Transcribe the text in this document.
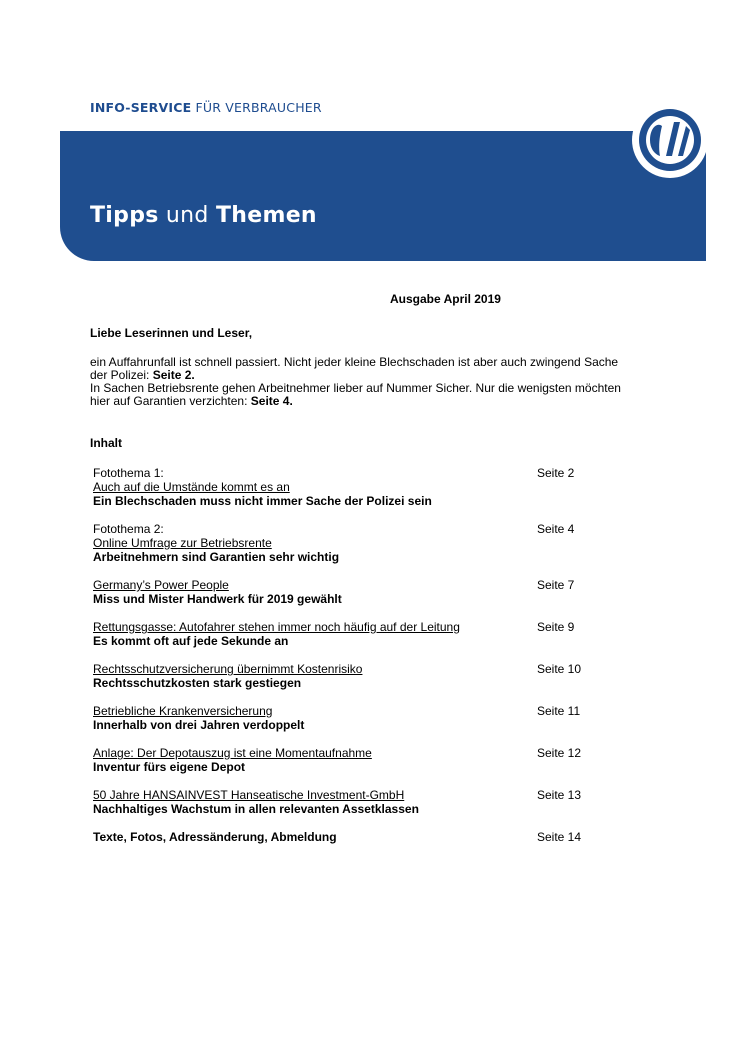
INFO-SERVICE FÜR VERBRAUCHER
Tipps und Themen
Ausgabe April 2019
Liebe Leserinnen und Leser,

ein Auffahrunfall ist schnell passiert. Nicht jeder kleine Blechschaden ist aber auch zwingend Sache der Polizei: Seite 2.

In Sachen Betriebsrente gehen Arbeitnehmer lieber auf Nummer Sicher. Nur die wenigsten möchten hier auf Garantien verzichten: Seite 4.

Inhalt
Fotothema 1:
Auch auf die Umstände kommt es an
Ein Blechschaden muss nicht immer Sache der Polizei sein
Seite 2
Fotothema 2:
Online Umfrage zur Betriebsrente
Arbeitnehmern sind Garantien sehr wichtig
Seite 4
Germany’s Power People
Miss und Mister Handwerk für 2019 gewählt
Seite 7
Rettungsgasse: Autofahrer stehen immer noch häufig auf der Leitung
Es kommt oft auf jede Sekunde an
Seite 9
Rechtsschutzversicherung übernimmt Kostenrisiko
Rechtsschutzkosten stark gestiegen
Seite 10
Betriebliche Krankenversicherung
Innerhalb von drei Jahren verdoppelt
Seite 11
Anlage: Der Depotauszug ist eine Momentaufnahme
Inventur fürs eigene Depot
Seite 12
50 Jahre HANSAINVEST Hanseatische Investment-GmbH
Nachhaltiges Wachstum in allen relevanten Assetklassen
Seite 13
Texte, Fotos, Adressänderung, Abmeldung	Seite 14
